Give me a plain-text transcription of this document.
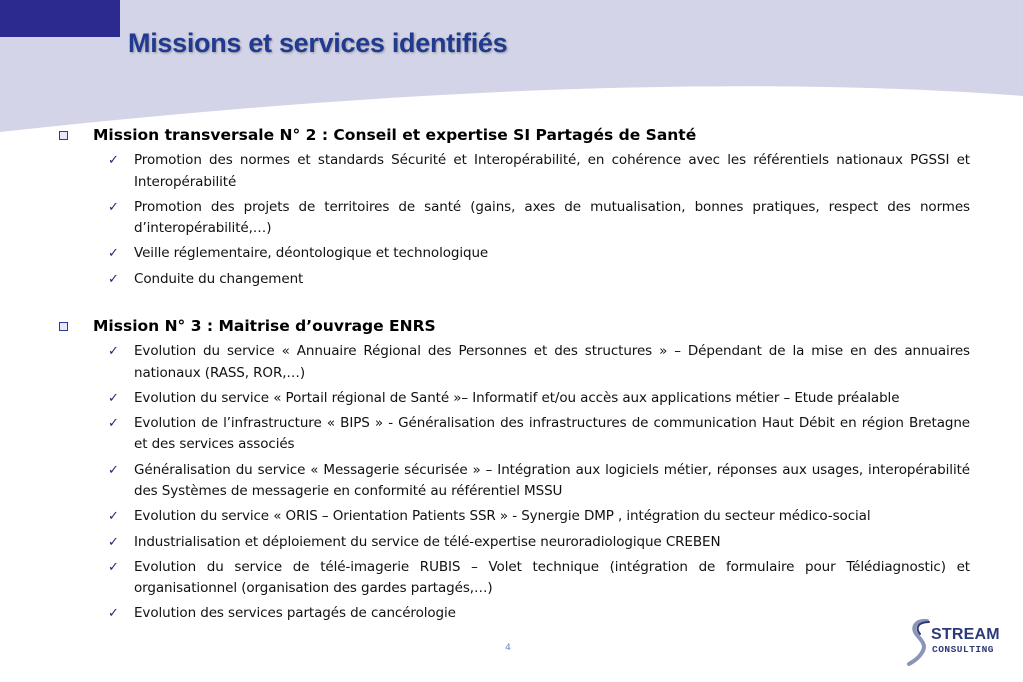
Missions et services identifiés
Mission transversale N° 2 : Conseil et expertise SI Partagés de Santé
✓	Promotion des normes et standards Sécurité et Interopérabilité, en cohérence avec les référentiels nationaux PGSSI et Interopérabilité
✓	Promotion des projets de territoires de santé (gains, axes de mutualisation, bonnes pratiques, respect des normes d’interopérabilité,…)
✓	Veille réglementaire, déontologique et technologique
✓	Conduite du changement
Mission N° 3 : Maitrise d’ouvrage ENRS
✓	Evolution du service « Annuaire Régional des Personnes et des structures » – Dépendant de la mise en des annuaires nationaux (RASS, ROR,…)
✓	Evolution du service « Portail régional de Santé »– Informatif et/ou accès aux applications métier – Etude préalable
✓	Evolution de l’infrastructure « BIPS » - Généralisation des infrastructures de communication Haut Débit en région Bretagne et des services associés
✓	Généralisation du service « Messagerie sécurisée » – Intégration aux logiciels métier, réponses aux usages, interopérabilité des Systèmes de messagerie en conformité au référentiel MSSU
✓	Evolution du service « ORIS – Orientation Patients SSR » - Synergie DMP , intégration du secteur médico-social
✓	Industrialisation et déploiement du service de télé-expertise neuroradiologique CREBEN
✓	Evolution du service de télé-imagerie RUBIS – Volet technique (intégration de formulaire pour Télédiagnostic) et organisationnel (organisation des gardes partagés,…)
✓	Evolution des services partagés de cancérologie
4
STREAM
CONSULTING
